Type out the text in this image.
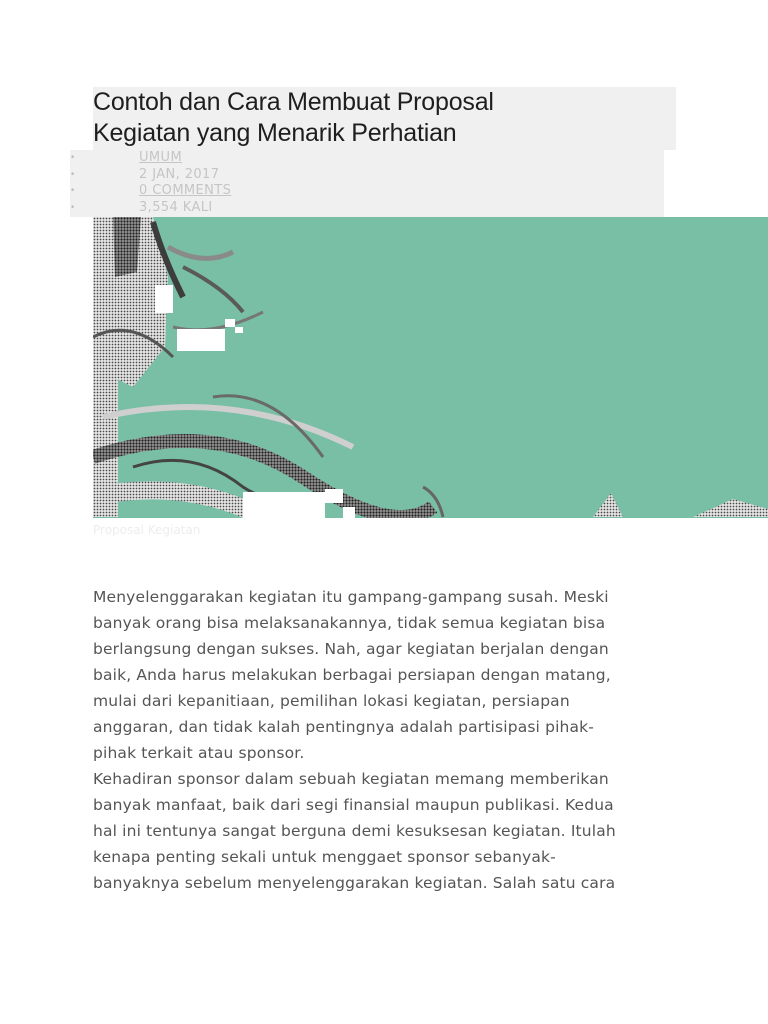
Contoh dan Cara Membuat Proposal
Kegiatan yang Menarik Perhatian
•	UMUM
•	2 JAN, 2017
•	0 COMMENTS
•	3,554 KALI
Proposal Kegiatan
Menyelenggarakan kegiatan itu gampang-gampang susah. Meski
banyak orang bisa melaksanakannya, tidak semua kegiatan bisa
berlangsung dengan sukses. Nah, agar kegiatan berjalan dengan
baik, Anda harus melakukan berbagai persiapan dengan matang,
mulai dari kepanitiaan, pemilihan lokasi kegiatan, persiapan
anggaran, dan tidak kalah pentingnya adalah partisipasi pihak-
pihak terkait atau sponsor.
Kehadiran sponsor dalam sebuah kegiatan memang memberikan
banyak manfaat, baik dari segi finansial maupun publikasi. Kedua
hal ini tentunya sangat berguna demi kesuksesan kegiatan. Itulah
kenapa penting sekali untuk menggaet sponsor sebanyak-
banyaknya sebelum menyelenggarakan kegiatan. Salah satu cara
